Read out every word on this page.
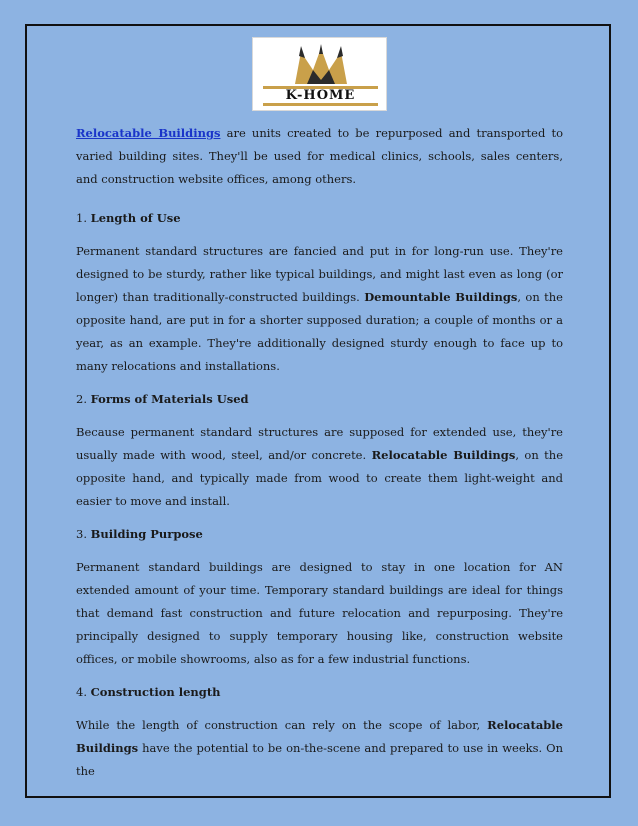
K-HOME

Relocatable Buildings are units created to be repurposed and transported to varied building sites. They'll be used for medical clinics, schools, sales centers, and construction website offices, among others.

1. Length of Use

Permanent standard structures are fancied and put in for long-run use. They're designed to be sturdy, rather like typical buildings, and might last even as long (or longer) than traditionally-constructed buildings. Demountable Buildings, on the opposite hand, are put in for a shorter supposed duration; a couple of months or a year, as an example. They're additionally designed sturdy enough to face up to many relocations and installations.

2. Forms of Materials Used

Because permanent standard structures are supposed for extended use, they're usually made with wood, steel, and/or concrete. Relocatable Buildings, on the opposite hand, and typically made from wood to create them light-weight and easier to move and install.

3. Building Purpose

Permanent standard buildings are designed to stay in one location for AN extended amount of your time. Temporary standard buildings are ideal for things that demand fast construction and future relocation and repurposing. They're principally designed to supply temporary housing like, construction website offices, or mobile showrooms, also as for a few industrial functions.

4. Construction length

While the length of construction can rely on the scope of labor, Relocatable Buildings have the potential to be on-the-scene and prepared to use in weeks. On the
